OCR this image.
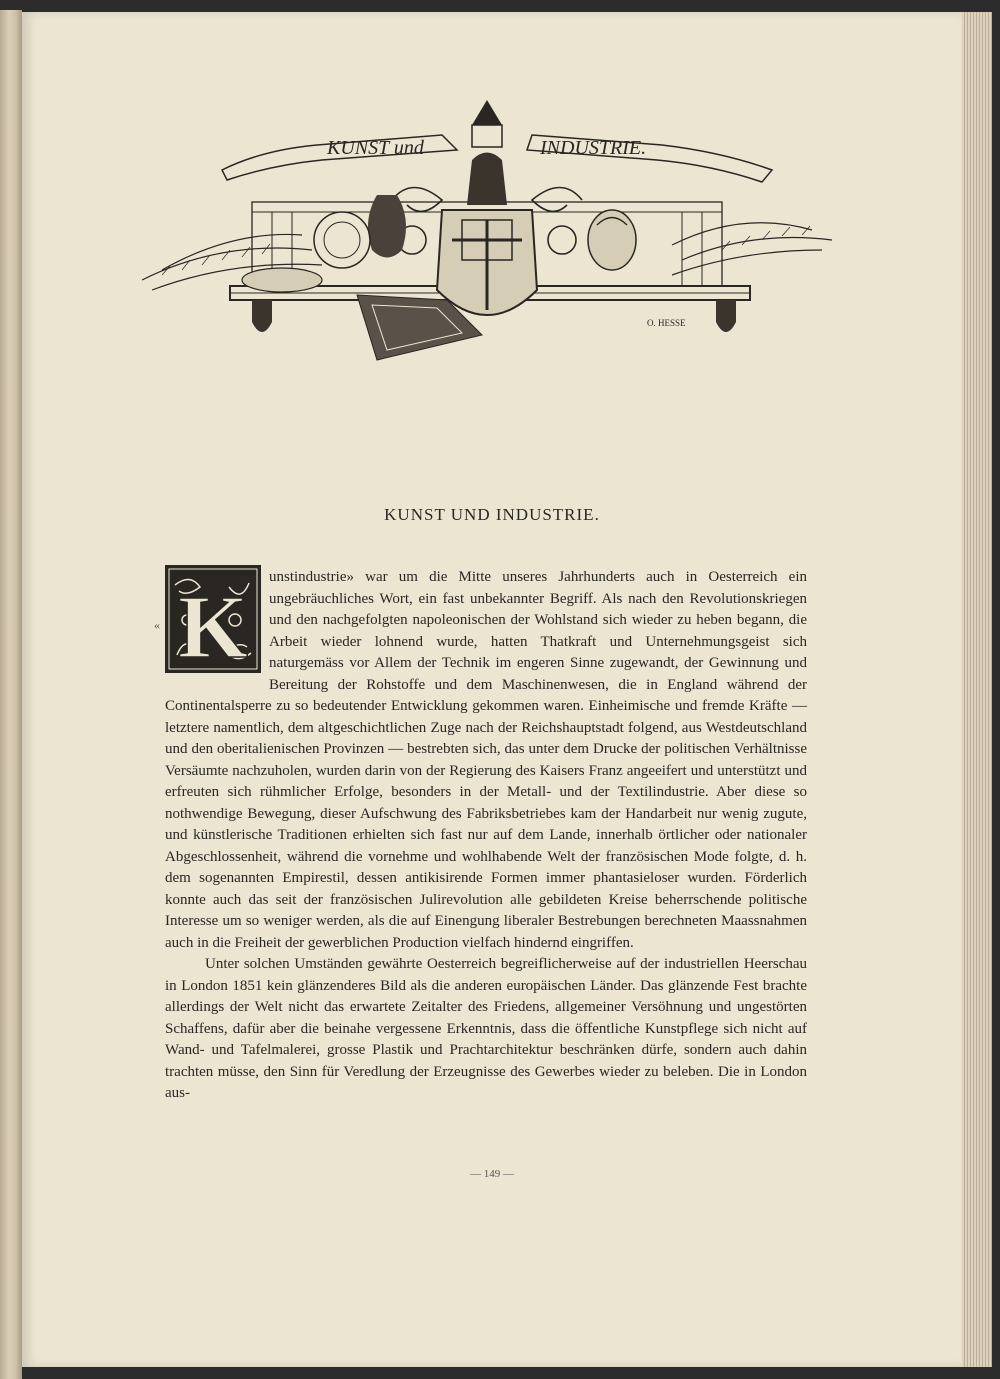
KUNST und	INDUSTRIE.
O. HESSE
KUNST UND INDUSTRIE.
K
«

unstindustrie» war um die Mitte unseres Jahrhunderts auch in Oesterreich ein ungebräuchliches Wort, ein fast unbekannter Begriff. Als nach den Revolutionskriegen und den nachgefolgten napoleonischen der Wohlstand sich wieder zu heben begann, die Arbeit wieder lohnend wurde, hatten Thatkraft und Unternehmungsgeist sich naturgemäss vor Allem der Technik im engeren Sinne zugewandt, der Gewinnung und Bereitung der Rohstoffe und dem Maschinenwesen, die in England während der Continentalsperre zu so bedeutender Entwicklung gekommen waren. Einheimische und fremde Kräfte — letztere namentlich, dem altgeschichtlichen Zuge nach der Reichshauptstadt folgend, aus Westdeutschland und den oberitalienischen Provinzen — bestrebten sich, das unter dem Drucke der politischen Verhältnisse Versäumte nachzuholen, wurden darin von der Regierung des Kaisers Franz angeeifert und unterstützt und erfreuten sich rühmlicher Erfolge, besonders in der Metall- und der Textilindustrie. Aber diese so nothwendige Bewegung, dieser Aufschwung des Fabriksbetriebes kam der Handarbeit nur wenig zugute, und künstlerische Traditionen erhielten sich fast nur auf dem Lande, innerhalb örtlicher oder nationaler Abgeschlossenheit, während die vornehme und wohlhabende Welt der französischen Mode folgte, d. h. dem sogenannten Empirestil, dessen antikisirende Formen immer phantasieloser wurden. Förderlich konnte auch das seit der französischen Julirevolution alle gebildeten Kreise beherrschende politische Interesse um so weniger werden, als die auf Einengung liberaler Bestrebungen berechneten Maassnahmen auch in die Freiheit der gewerblichen Production vielfach hindernd eingriffen.

Unter solchen Umständen gewährte Oesterreich begreiflicherweise auf der industriellen Heerschau in London 1851 kein glänzenderes Bild als die anderen europäischen Länder. Das glänzende Fest brachte allerdings der Welt nicht das erwartete Zeitalter des Friedens, allgemeiner Versöhnung und ungestörten Schaffens, dafür aber die beinahe vergessene Erkenntnis, dass die öffentliche Kunstpflege sich nicht auf Wand- und Tafelmalerei, grosse Plastik und Prachtarchitektur beschränken dürfe, sondern auch dahin trachten müsse, den Sinn für Veredlung der Erzeugnisse des Gewerbes wieder zu beleben. Die in London aus-

— 149 —
